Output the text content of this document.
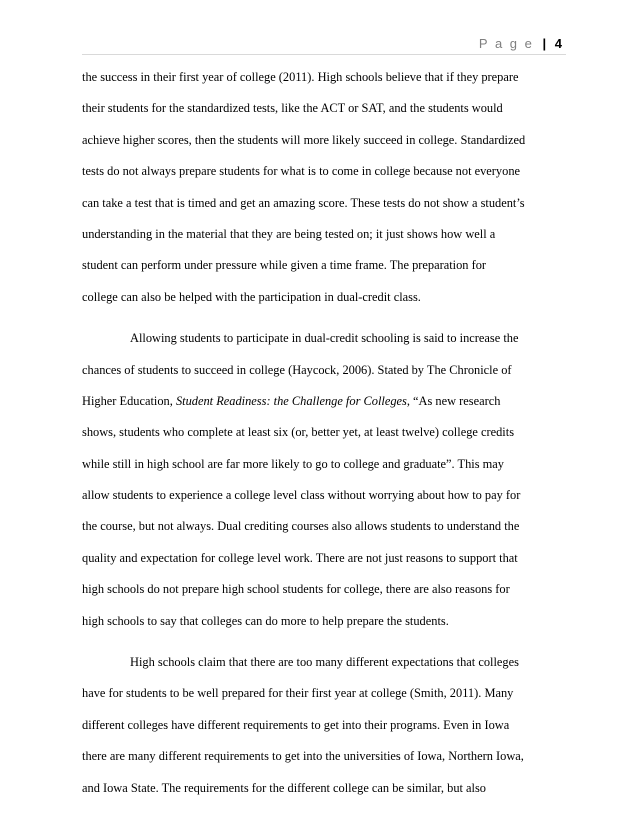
P a g e | 4
the success in their first year of college (2011). High schools believe that if they prepare
their students for the standardized tests, like the ACT or SAT, and the students would
achieve higher scores, then the students will more likely succeed in college. Standardized
tests do not always prepare students for what is to come in college because not everyone
can take a test that is timed and get an amazing score. These tests do not show a student’s
understanding in the material that they are being tested on; it just shows how well a
student can perform under pressure while given a time frame. The preparation for
college can also be helped with the participation in dual-credit class.
Allowing students to participate in dual-credit schooling is said to increase the
chances of students to succeed in college (Haycock, 2006). Stated by The Chronicle of
Higher Education, Student Readiness: the Challenge for Colleges, “As new research
shows, students who complete at least six (or, better yet, at least twelve) college credits
while still in high school are far more likely to go to college and graduate”. This may
allow students to experience a college level class without worrying about how to pay for
the course, but not always. Dual crediting courses also allows students to understand the
quality and expectation for college level work. There are not just reasons to support that
high schools do not prepare high school students for college, there are also reasons for
high schools to say that colleges can do more to help prepare the students.
High schools claim that there are too many different expectations that colleges
have for students to be well prepared for their first year at college (Smith, 2011). Many
different colleges have different requirements to get into their programs. Even in Iowa
there are many different requirements to get into the universities of Iowa, Northern Iowa,
and Iowa State. The requirements for the different college can be similar, but also
